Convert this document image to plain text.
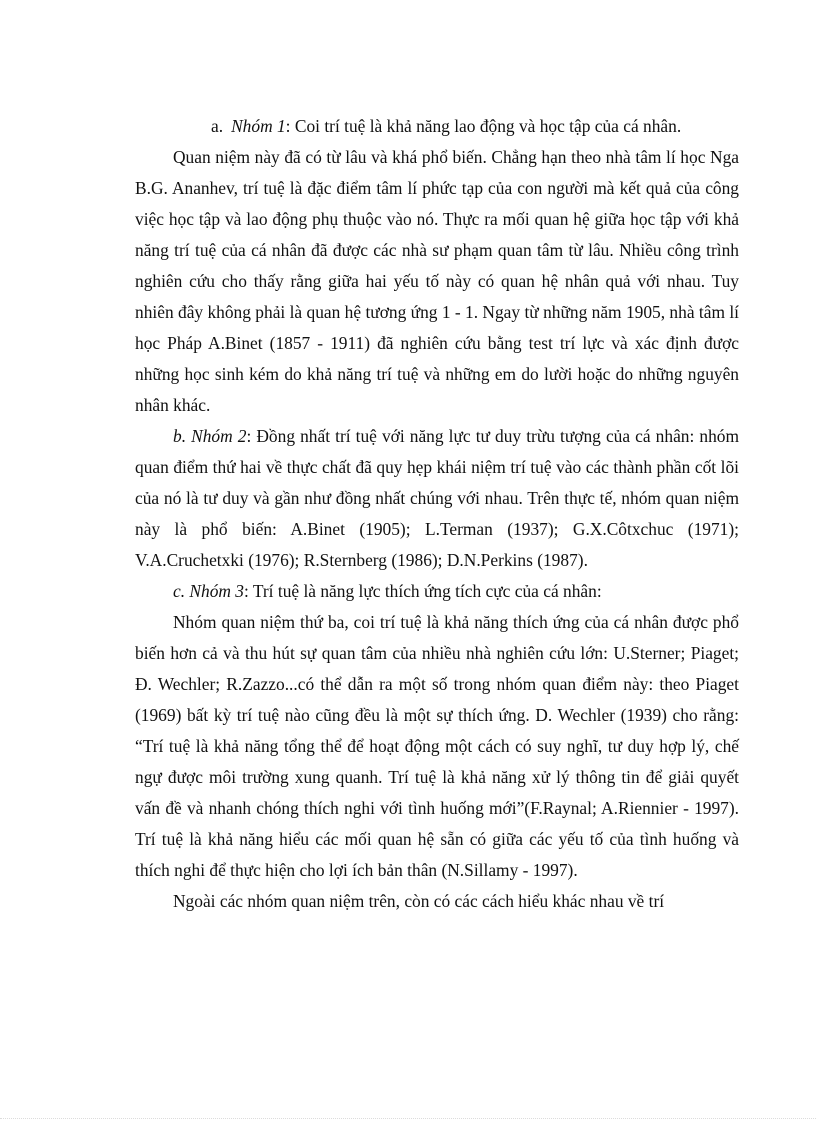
a. Nhóm 1: Coi trí tuệ là khả năng lao động và học tập của cá nhân.

Quan niệm này đã có từ lâu và khá phổ biến. Chẳng hạn theo nhà tâm lí học Nga B.G. Ananhev, trí tuệ là đặc điểm tâm lí phức tạp của con người mà kết quả của công việc học tập và lao động phụ thuộc vào nó. Thực ra mối quan hệ giữa học tập với khả năng trí tuệ của cá nhân đã được các nhà sư phạm quan tâm từ lâu. Nhiều công trình nghiên cứu cho thấy rằng giữa hai yếu tố này có quan hệ nhân quả với nhau. Tuy nhiên đây không phải là quan hệ tương ứng 1 - 1. Ngay từ những năm 1905, nhà tâm lí học Pháp A.Binet (1857 - 1911) đã nghiên cứu bằng test trí lực và xác định được những học sinh kém do khả năng trí tuệ và những em do lười hoặc do những nguyên nhân khác.

b. Nhóm 2: Đồng nhất trí tuệ với năng lực tư duy trừu tượng của cá nhân: nhóm quan điểm thứ hai về thực chất đã quy hẹp khái niệm trí tuệ vào các thành phần cốt lõi của nó là tư duy và gần như đồng nhất chúng với nhau. Trên thực tế, nhóm quan niệm này là phổ biến: A.Binet (1905); L.Terman (1937); G.X.Côtxchuc (1971); V.A.Cruchetxki (1976); R.Sternberg (1986); D.N.Perkins (1987).

c. Nhóm 3: Trí tuệ là năng lực thích ứng tích cực của cá nhân:

Nhóm quan niệm thứ ba, coi trí tuệ là khả năng thích ứng của cá nhân được phổ biến hơn cả và thu hút sự quan tâm của nhiều nhà nghiên cứu lớn: U.Sterner; Piaget; Đ. Wechler; R.Zazzo...có thể dẫn ra một số trong nhóm quan điểm này: theo Piaget (1969) bất kỳ trí tuệ nào cũng đều là một sự thích ứng. D. Wechler (1939) cho rằng: “Trí tuệ là khả năng tổng thể để hoạt động một cách có suy nghĩ, tư duy hợp lý, chế ngự được môi trường xung quanh. Trí tuệ là khả năng xử lý thông tin để giải quyết vấn đề và nhanh chóng thích nghi với tình huống mới”(F.Raynal; A.Riennier - 1997). Trí tuệ là khả năng hiểu các mối quan hệ sẵn có giữa các yếu tố của tình huống và thích nghi để thực hiện cho lợi ích bản thân (N.Sillamy - 1997).

Ngoài các nhóm quan niệm trên, còn có các cách hiểu khác nhau về trí
